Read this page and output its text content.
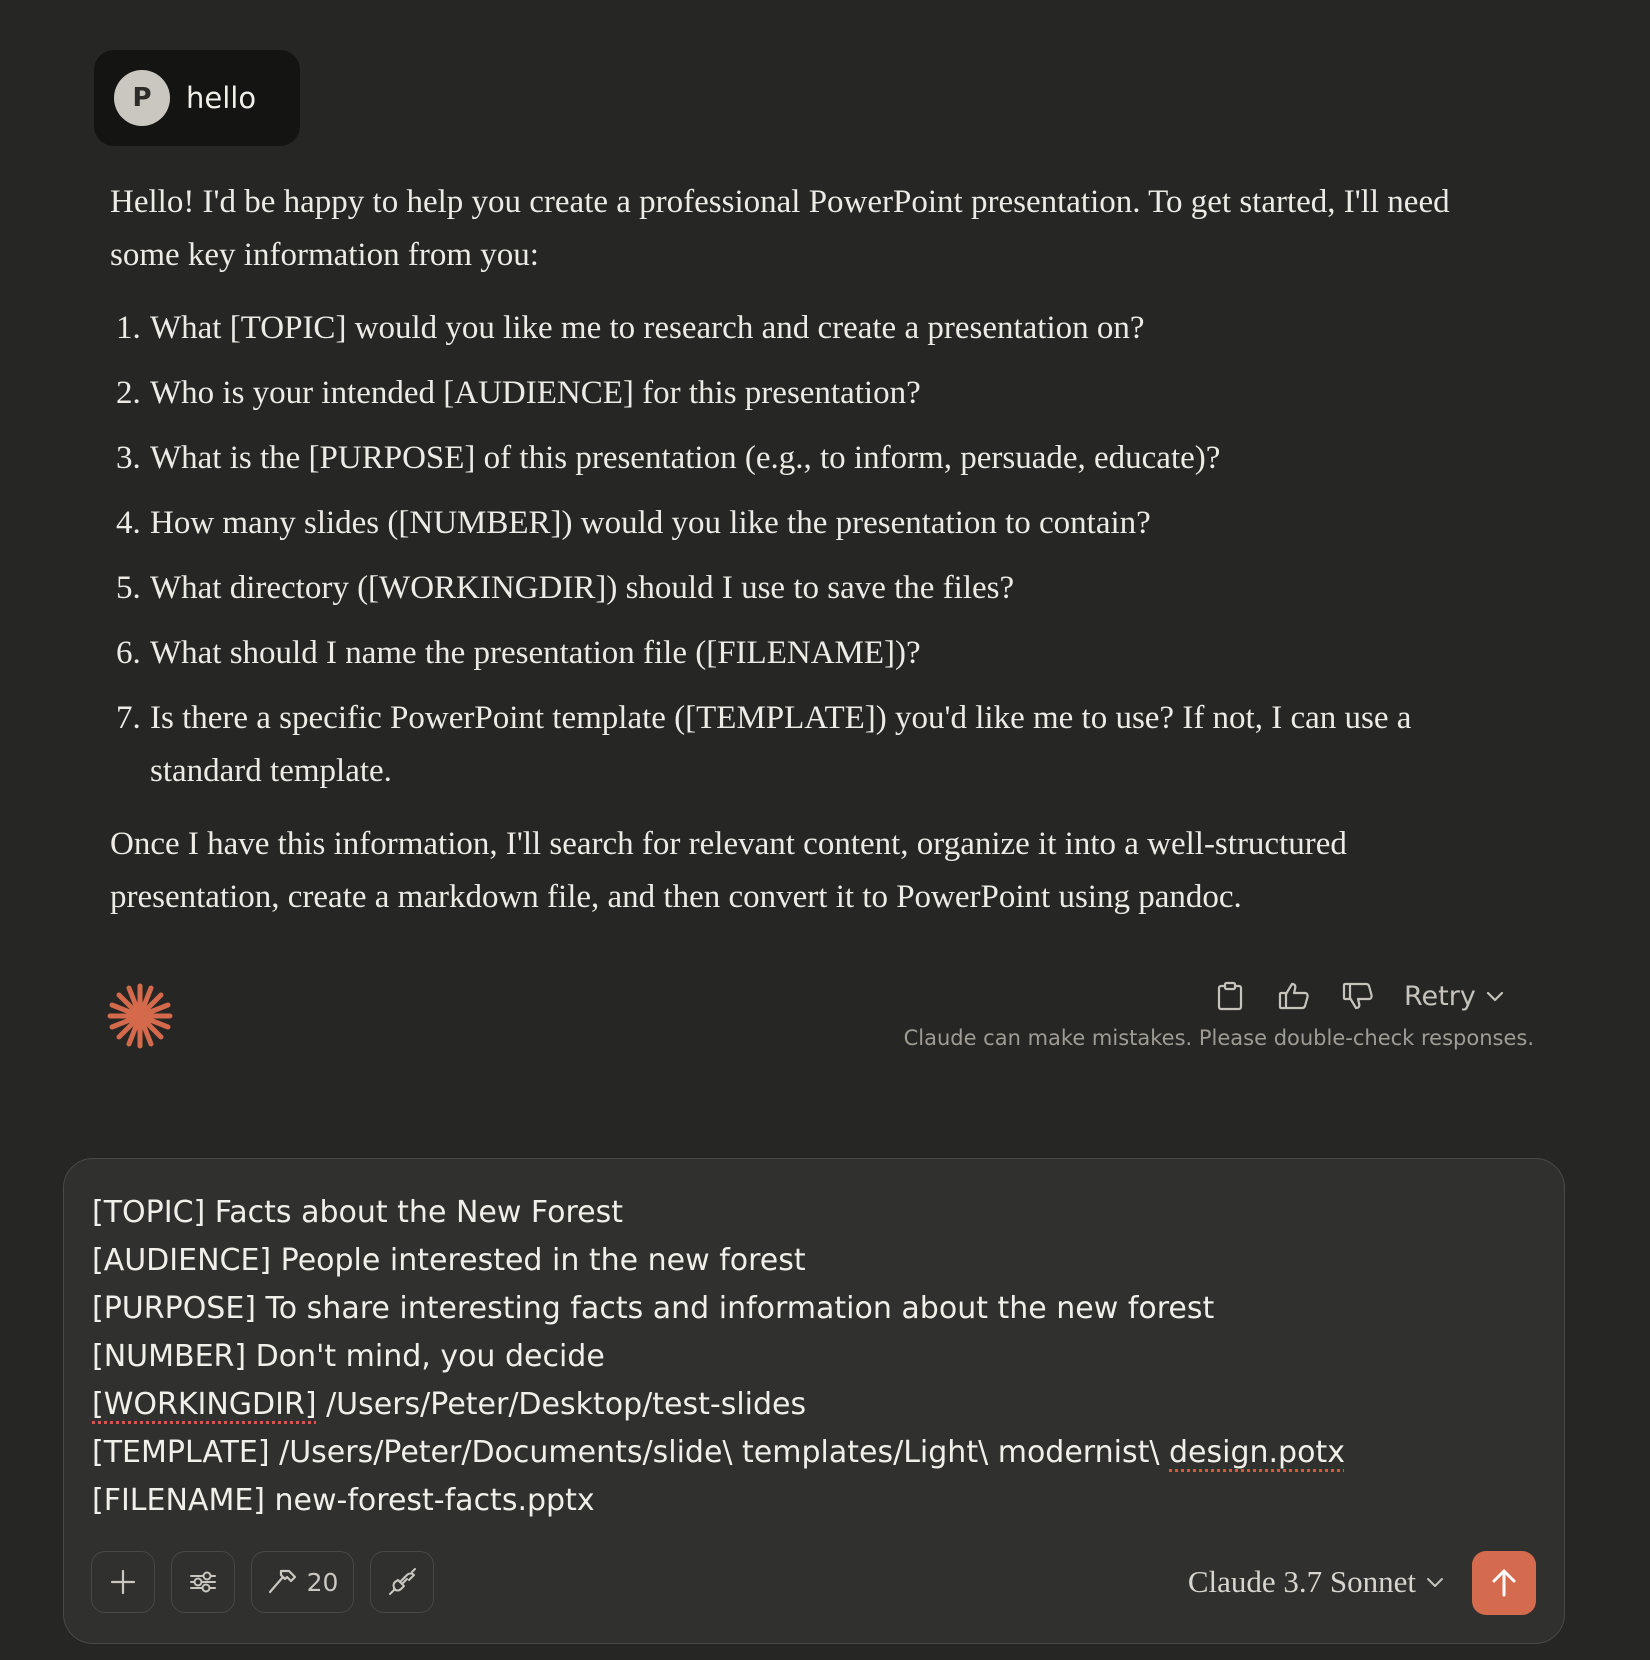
P	hello

Hello! I'd be happy to help you create a professional PowerPoint presentation. To get started, I'll need some key information from you:

1. What [TOPIC] would you like me to research and create a presentation on?
2. Who is your intended [AUDIENCE] for this presentation?
3. What is the [PURPOSE] of this presentation (e.g., to inform, persuade, educate)?
4. How many slides ([NUMBER]) would you like the presentation to contain?
5. What directory ([WORKINGDIR]) should I use to save the files?
6. What should I name the presentation file ([FILENAME])?
7. Is there a specific PowerPoint template ([TEMPLATE]) you'd like me to use? If not, I can use a standard template.

Once I have this information, I'll search for relevant content, organize it into a well-structured presentation, create a markdown file, and then convert it to PowerPoint using pandoc.

Retry
Claude can make mistakes. Please double-check responses.
[TOPIC] Facts about the New Forest
[AUDIENCE] People interested in the new forest
[PURPOSE] To share interesting facts and information about the new forest
[NUMBER] Don't mind, you decide
[WORKINGDIR] /Users/Peter/Desktop/test-slides
[TEMPLATE] /Users/Peter/Documents/slide\ templates/Light\ modernist\ design.potx
[FILENAME] new-forest-facts.pptx
20	Claude 3.7 Sonnet
